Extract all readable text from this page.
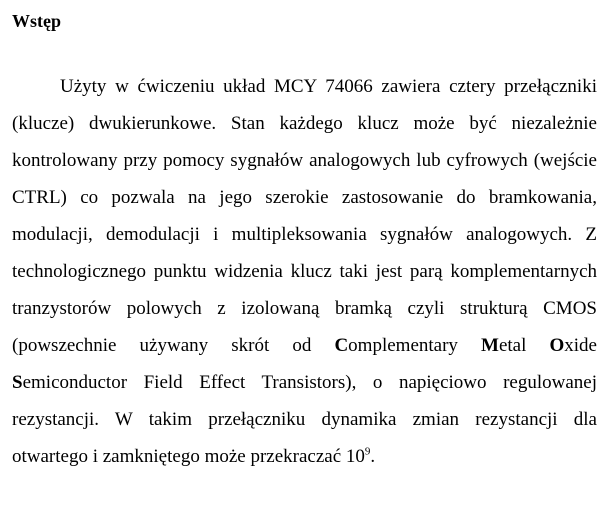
Wstęp

Użyty w ćwiczeniu układ MCY 74066 zawiera cztery przełączniki (klucze) dwukierunkowe. Stan każdego klucz może być niezależnie kontrolowany przy pomocy sygnałów analogowych lub cyfrowych (wejście CTRL) co pozwala na jego szerokie zastosowanie do bramkowania, modulacji, demodulacji i multipleksowania sygnałów analogowych. Z technologicznego punktu widzenia klucz taki jest parą komplementarnych tranzystorów polowych z izolowaną bramką czyli strukturą CMOS (powszechnie używany skrót od Complementary Metal Oxide Semiconductor Field Effect Transistors), o napięciowo regulowanej rezystancji. W takim przełączniku dynamika zmian rezystancji dla otwartego i zamkniętego może przekraczać $10^9$.
